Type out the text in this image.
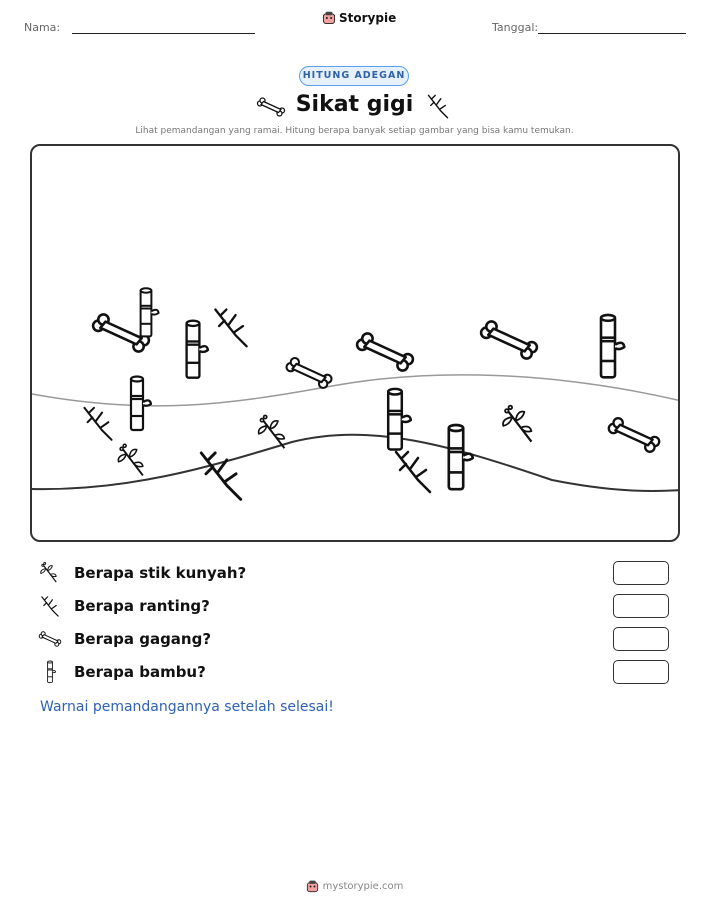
Nama:
Storypie
Tanggal:
HITUNG ADEGAN
Sikat gigi
Lihat pemandangan yang ramai. Hitung berapa banyak setiap gambar yang bisa kamu temukan.
Berapa stik kunyah?
Berapa ranting?
Berapa gagang?
Berapa bambu?
Warnai pemandangannya setelah selesai!
mystorypie.com
